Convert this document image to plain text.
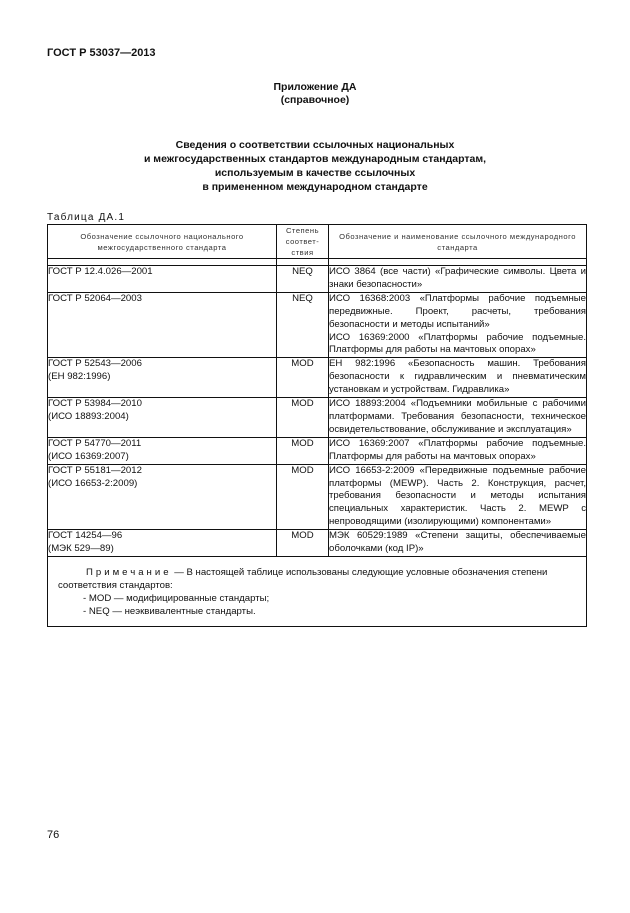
ГОСТ Р 53037—2013
Приложение ДА
(справочное)
Сведения о соответствии ссылочных национальных
и межгосударственных стандартов международным стандартам,
используемым в качестве ссылочных
в примененном международном стандарте
Таблица ДА.1
Обозначение ссылочного национального межгосударственного стандарта	Степень соответ-ствия	Обозначение и наименование ссылочного международного стандарта

ГОСТ Р 12.4.026—2001	NEQ	ИСО 3864 (все части) «Графические символы. Цвета и знаки безопасности»

ГОСТ Р 52064—2003	NEQ	ИСО 16368:2003 «Платформы рабочие подъемные передвижные. Проект, расчеты, требования безопасности и методы испытаний»
ИСО 16369:2000 «Платформы рабочие подъемные. Платформы для работы на мачтовых опорах»

ГОСТ Р 52543—2006
(ЕН 982:1996)	MOD	ЕН 982:1996 «Безопасность машин. Требования безопасности к гидравлическим и пневматическим установкам и устройствам. Гидравлика»

ГОСТ Р 53984—2010
(ИСО 18893:2004)	MOD	ИСО 18893:2004 «Подъемники мобильные с рабочими платформами. Требования безопасности, техническое освидетельствование, обслуживание и эксплуатация»

ГОСТ Р 54770—2011
(ИСО 16369:2007)	MOD	ИСО 16369:2007 «Платформы рабочие подъемные. Платформы для работы на мачтовых опорах»

ГОСТ Р 55181—2012
(ИСО 16653-2:2009)	MOD	ИСО 16653-2:2009 «Передвижные подъемные рабочие платформы (MEWP). Часть 2. Конструкция, расчет, требования безопасности и методы испытания специальных характеристик. Часть 2. MEWP с непроводящими (изолирующими) компонентами»

ГОСТ 14254—96
(МЭК 529—89)	MOD	МЭК 60529:1989 «Степени защиты, обеспечиваемые оболочками (код IP)»

Примечание — В настоящей таблице использованы следующие условные обозначения степени соответствия стандартов:
- MOD — модифицированные стандарты;
- NEQ — неэквивалентные стандарты.		
76
